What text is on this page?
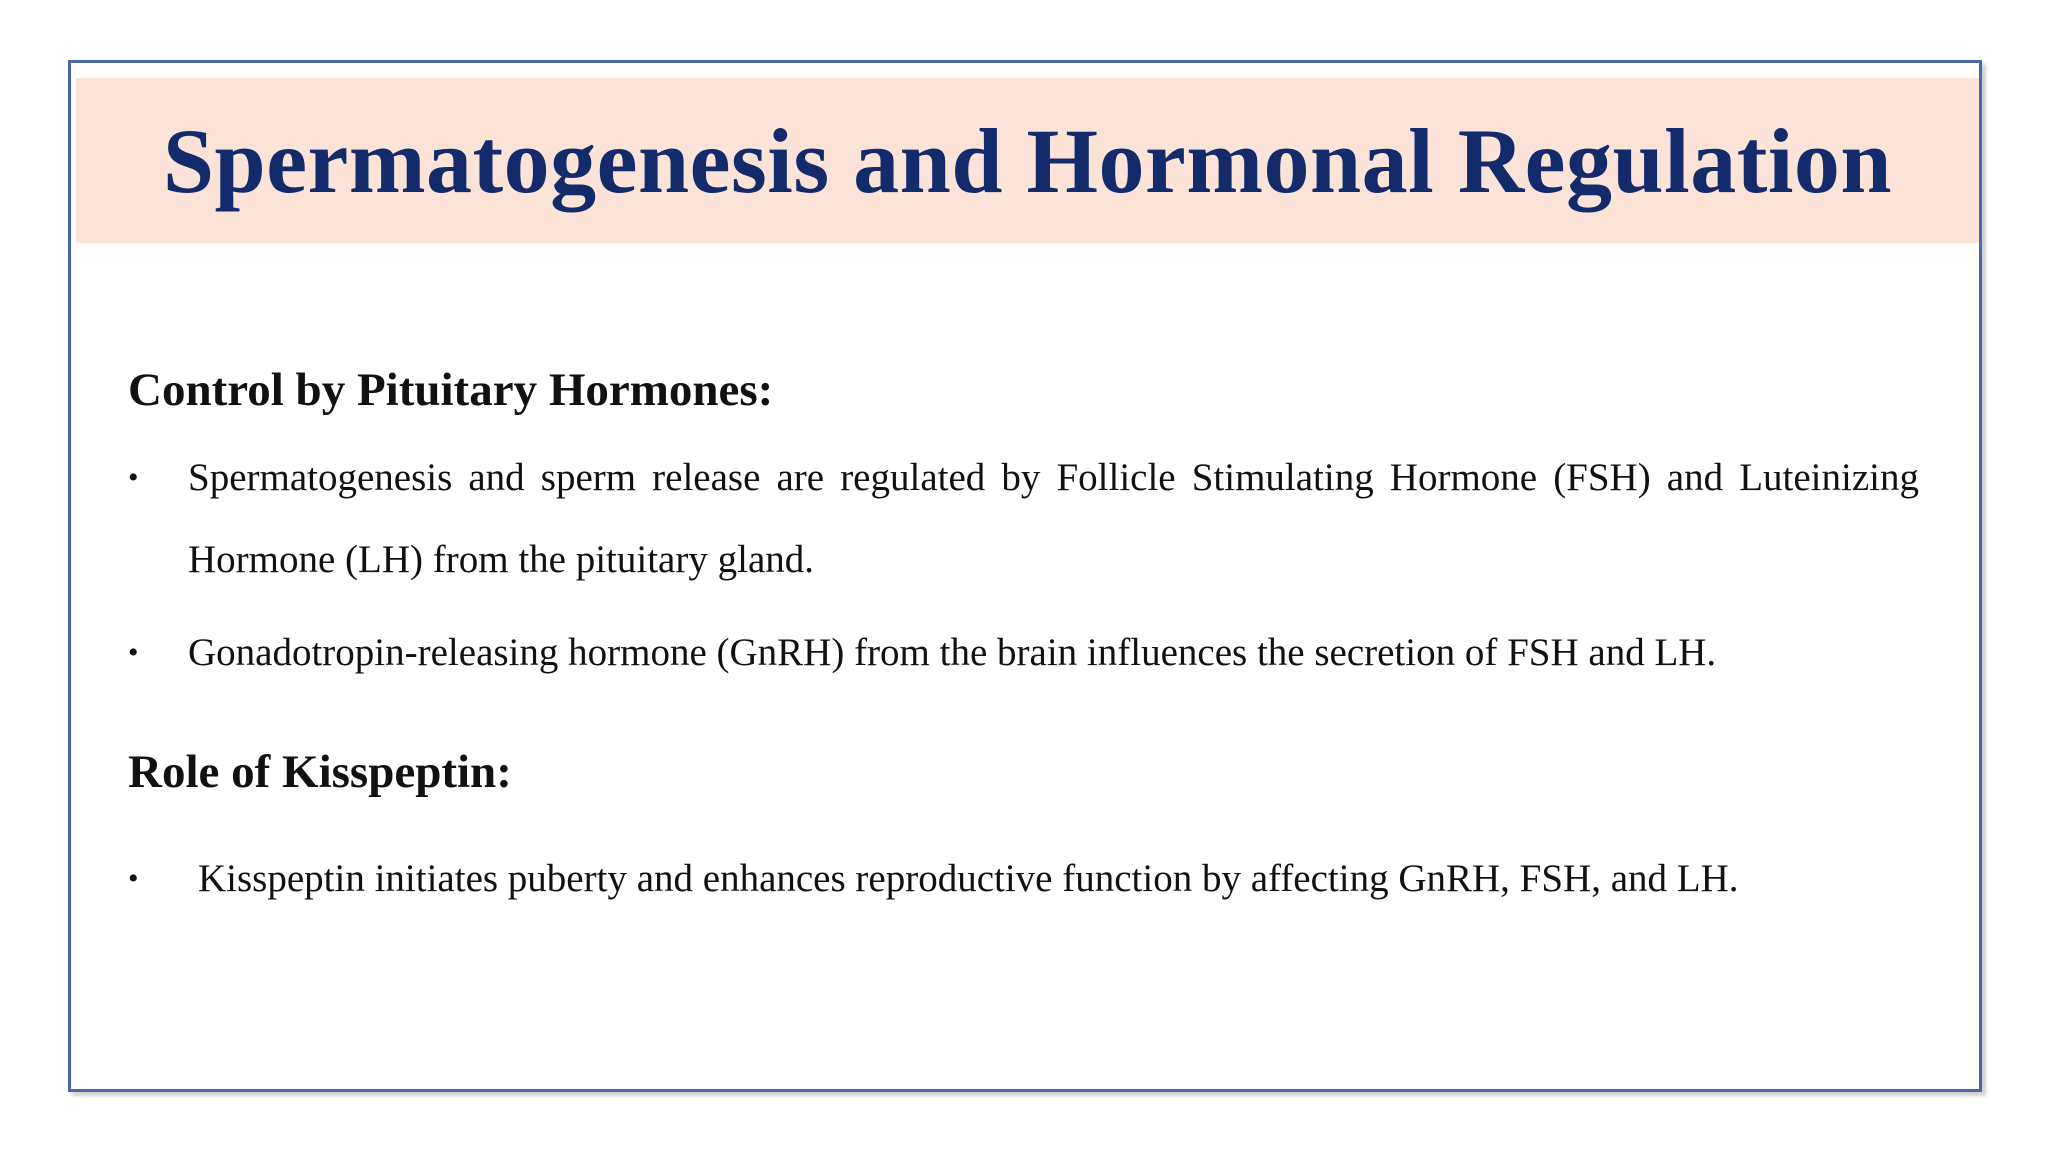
Spermatogenesis and Hormonal Regulation
Control by Pituitary Hormones:
• Spermatogenesis and sperm release are regulated by Follicle Stimulating Hormone (FSH) and Luteinizing Hormone (LH) from the pituitary gland.
• Gonadotropin-releasing hormone (GnRH) from the brain influences the secretion of FSH and LH.
Role of Kisspeptin:
• Kisspeptin initiates puberty and enhances reproductive function by affecting GnRH, FSH, and LH.
